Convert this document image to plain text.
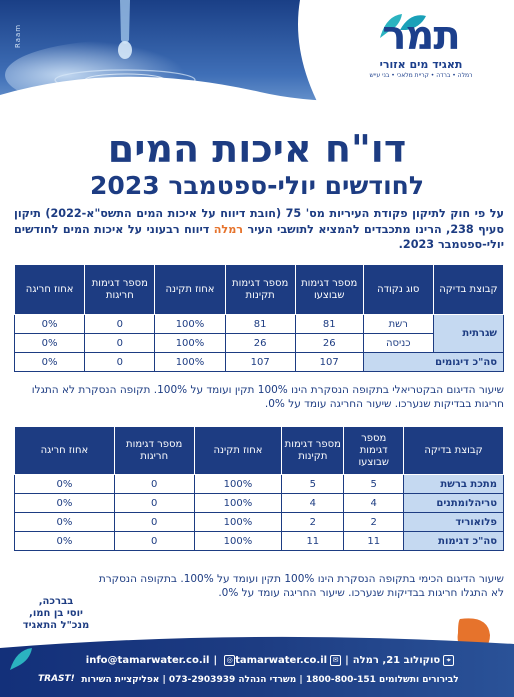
Raam	תמר
תאגיד מים אזורי
רמלה • ברדה • קריית מלאכי • בני עייש
דו"ח איכות המים
לחודשים יולי-ספטמבר 2023
על פי חוק לתיקון פקודת העיריות מס' 75 (חובת דיווח על איכות המים התשס"א-2022) תיקון סעיף 238, הרינו מתכבדים להמציא לתושבי העיר רמלה דיווח רבעוני על איכות המים לחודשים יולי-ספטמבר 2023.
קבוצת בדיקה	סוג נקודה	מספר דגימות שבוצעו	מספר דגימות תקינות	אחוז תקינה	מספר דגימות חריגות	אחוז חריגה
שגרתית	רשת	81	81	100%	0	0%
	כניסה	26	26	100%	0	0%
סה"כ דיגומים		107	107	100%	0	0%
שיעור הדיגום הבקטריאלי בתקופה הנסקרת הינו 100% תקין ועומד על 100%. תקופה הנסקרת לא התגלו חריגות בבדיקות שנערכו. שיעור החריגה עומד על 0%.
קבוצת בדיקה	מספר דגימות שבוצעו	מספר דגימות תקינות	אחוז תקינה	מספר דגימות חריגות	אחוז חריגה
מתכת ברשת	5	5	100%	0	0%
טריהלומתנים	4	4	100%	0	0%
פלואוריד	2	2	100%	0	0%
סה"כ דגימות	11	11	100%	0	0%
שיעור הדיגום הכימי בתקופה הנסקרת הינו 100% תקין ועומד על 100%. בתקופה הנסקרת לא התגלו חריגות בבדיקות שנערכו. שיעור החריגה עומד על 0%.
בברכה,
יוסי בן חמו,
מנכ"ל התאגיד
⌖סוקולוב 21, רמלה|✉info@tamarwater.co.il | ◎ tamarwater.co.il
לבירורים ותשלומים 1800-800-151 | משרדי הנהלה 073-2903939 | אפליקציית השירות
TRAST!
